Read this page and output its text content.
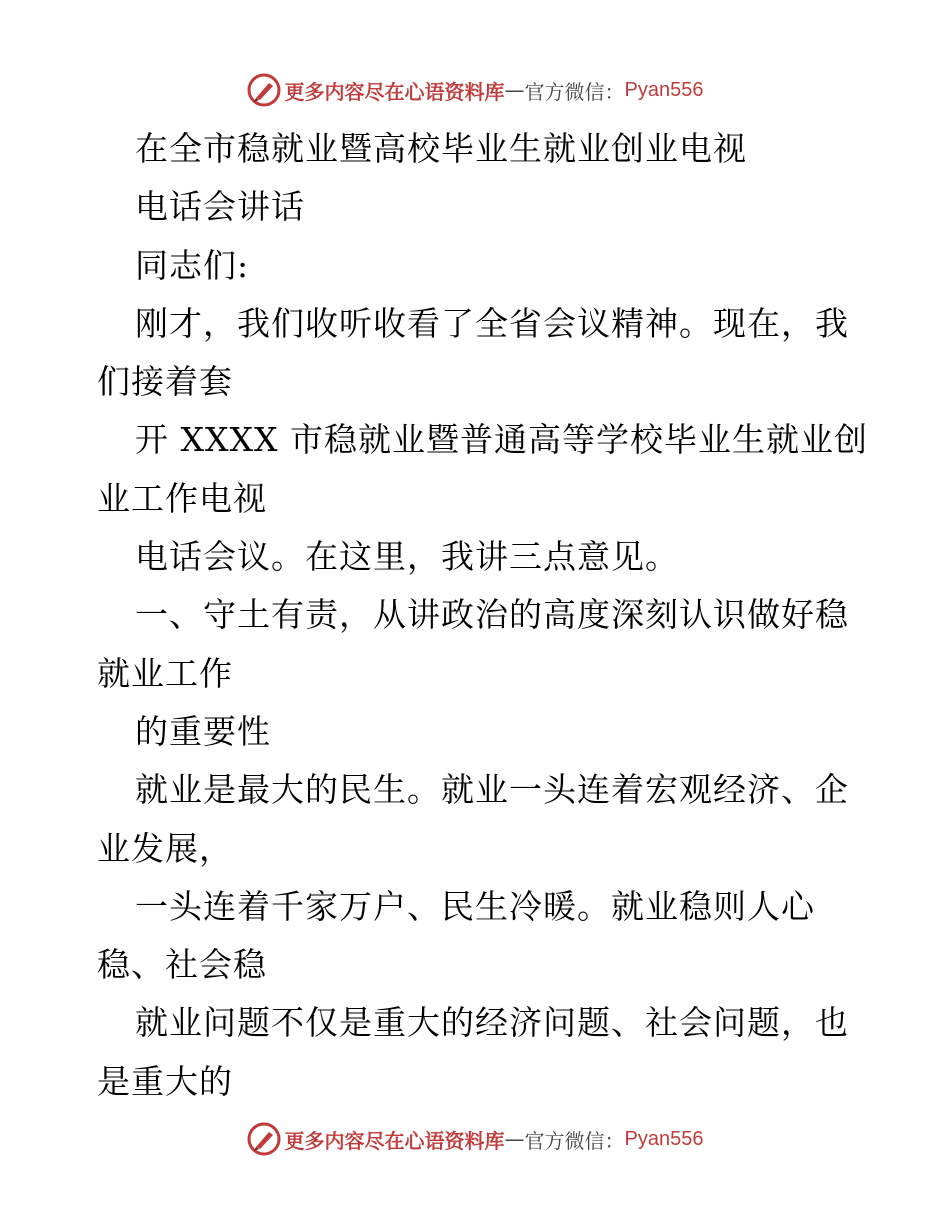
更多内容尽在心语资料库 — 官方微信： Pyan556
在全市稳就业暨高校毕业生就业创业电视
电话会讲话
同志们:
刚才，我们收听收看了全省会议精神。现在，我
们接着套
开 XXXX 市稳就业暨普通高等学校毕业生就业创
业工作电视
电话会议。在这里，我讲三点意见。
一、守土有责，从讲政治的高度深刻认识做好稳
就业工作
的重要性
就业是最大的民生。就业一头连着宏观经济、企
业发展，
一头连着千家万户、民生冷暖。就业稳则人心
稳、社会稳
就业问题不仅是重大的经济问题、社会问题，也
是重大的
更多内容尽在心语资料库 — 官方微信： Pyan556
